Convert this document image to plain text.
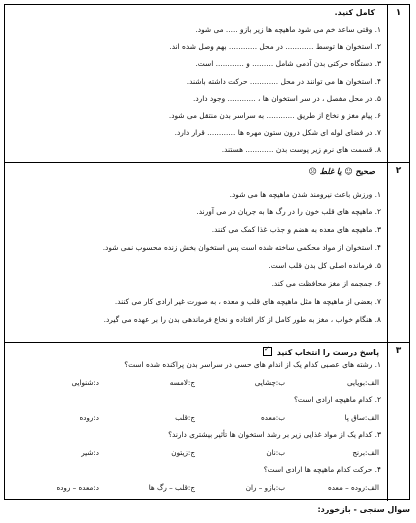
۱
کامل کنید.
۱. وقتی ساعد خم می شود ماهیچه ها زیر بازو ..... می شود.
۲. استخوان ها توسط ............ در محل ............ بهم وصل شده اند.
۳. دستگاه حرکتی بدن آدمی شامل ......... و ............ است.
۴. استخوان ها می توانند در محل ............ حرکت داشته باشند.
۵. در محل مفصل ، در سر استخوان ها ، ............ وجود دارد.
۶. پیام مغز و نخاع از طریق ............ به سراسر بدن منتقل می شود.
۷. در فضای لوله ای شکل درون ستون مهره ها ............ قرار دارد.
۸. قسمت های نرم زیر پوست بدن ............ هستند.
۲
صحیح ☺ یا غلط ☹
۱. ورزش باعث نیرومند شدن ماهیچه ها می شود.
۲. ماهیچه های قلب خون را در رگ ها به جریان در می آورند.
۳. ماهیچه های معده به هضم و جذب غذا کمک می کنند.
۴. استخوان از مواد محکمی ساخته شده است پس استخوان بخش زنده محسوب نمی شود.
۵. فرمانده اصلی کل بدن قلب است.
۶. جمجمه از مغز محافظت می کند.
۷. بعضی از ماهیچه ها مثل ماهیچه های قلب و معده ، به صورت غیر ارادی کار می کنند.
۸. هنگام خواب ، مغز به طور کامل از کار افتاده و نخاع فرماندهی بدن را بر عهده می گیرد.
۳
پاسخ درست را انتخاب کنید ✓
۱. رشته های عصبی کدام یک از اندام های حسی در سراسر بدن پراکنده شده است؟
الف:بویایی
ب:چشایی
ج:لامسه
د:شنوایی
۲. کدام ماهیچه ارادی است؟
الف:ساق پا
ب:معده
ج:قلب
د:روده
۳. کدام یک از مواد غذایی زیر بر رشد استخوان ها تأثیر بیشتری دارند؟
الف:برنج
ب:نان
ج:زیتون
د:شیر
۴. حرکت کدام ماهیچه ها ارادی است؟
الف:روده – معده
ب:بازو – ران
ج:قلب – رگ ها
د:معده – روده
سوال سنجی - بازخورد:
